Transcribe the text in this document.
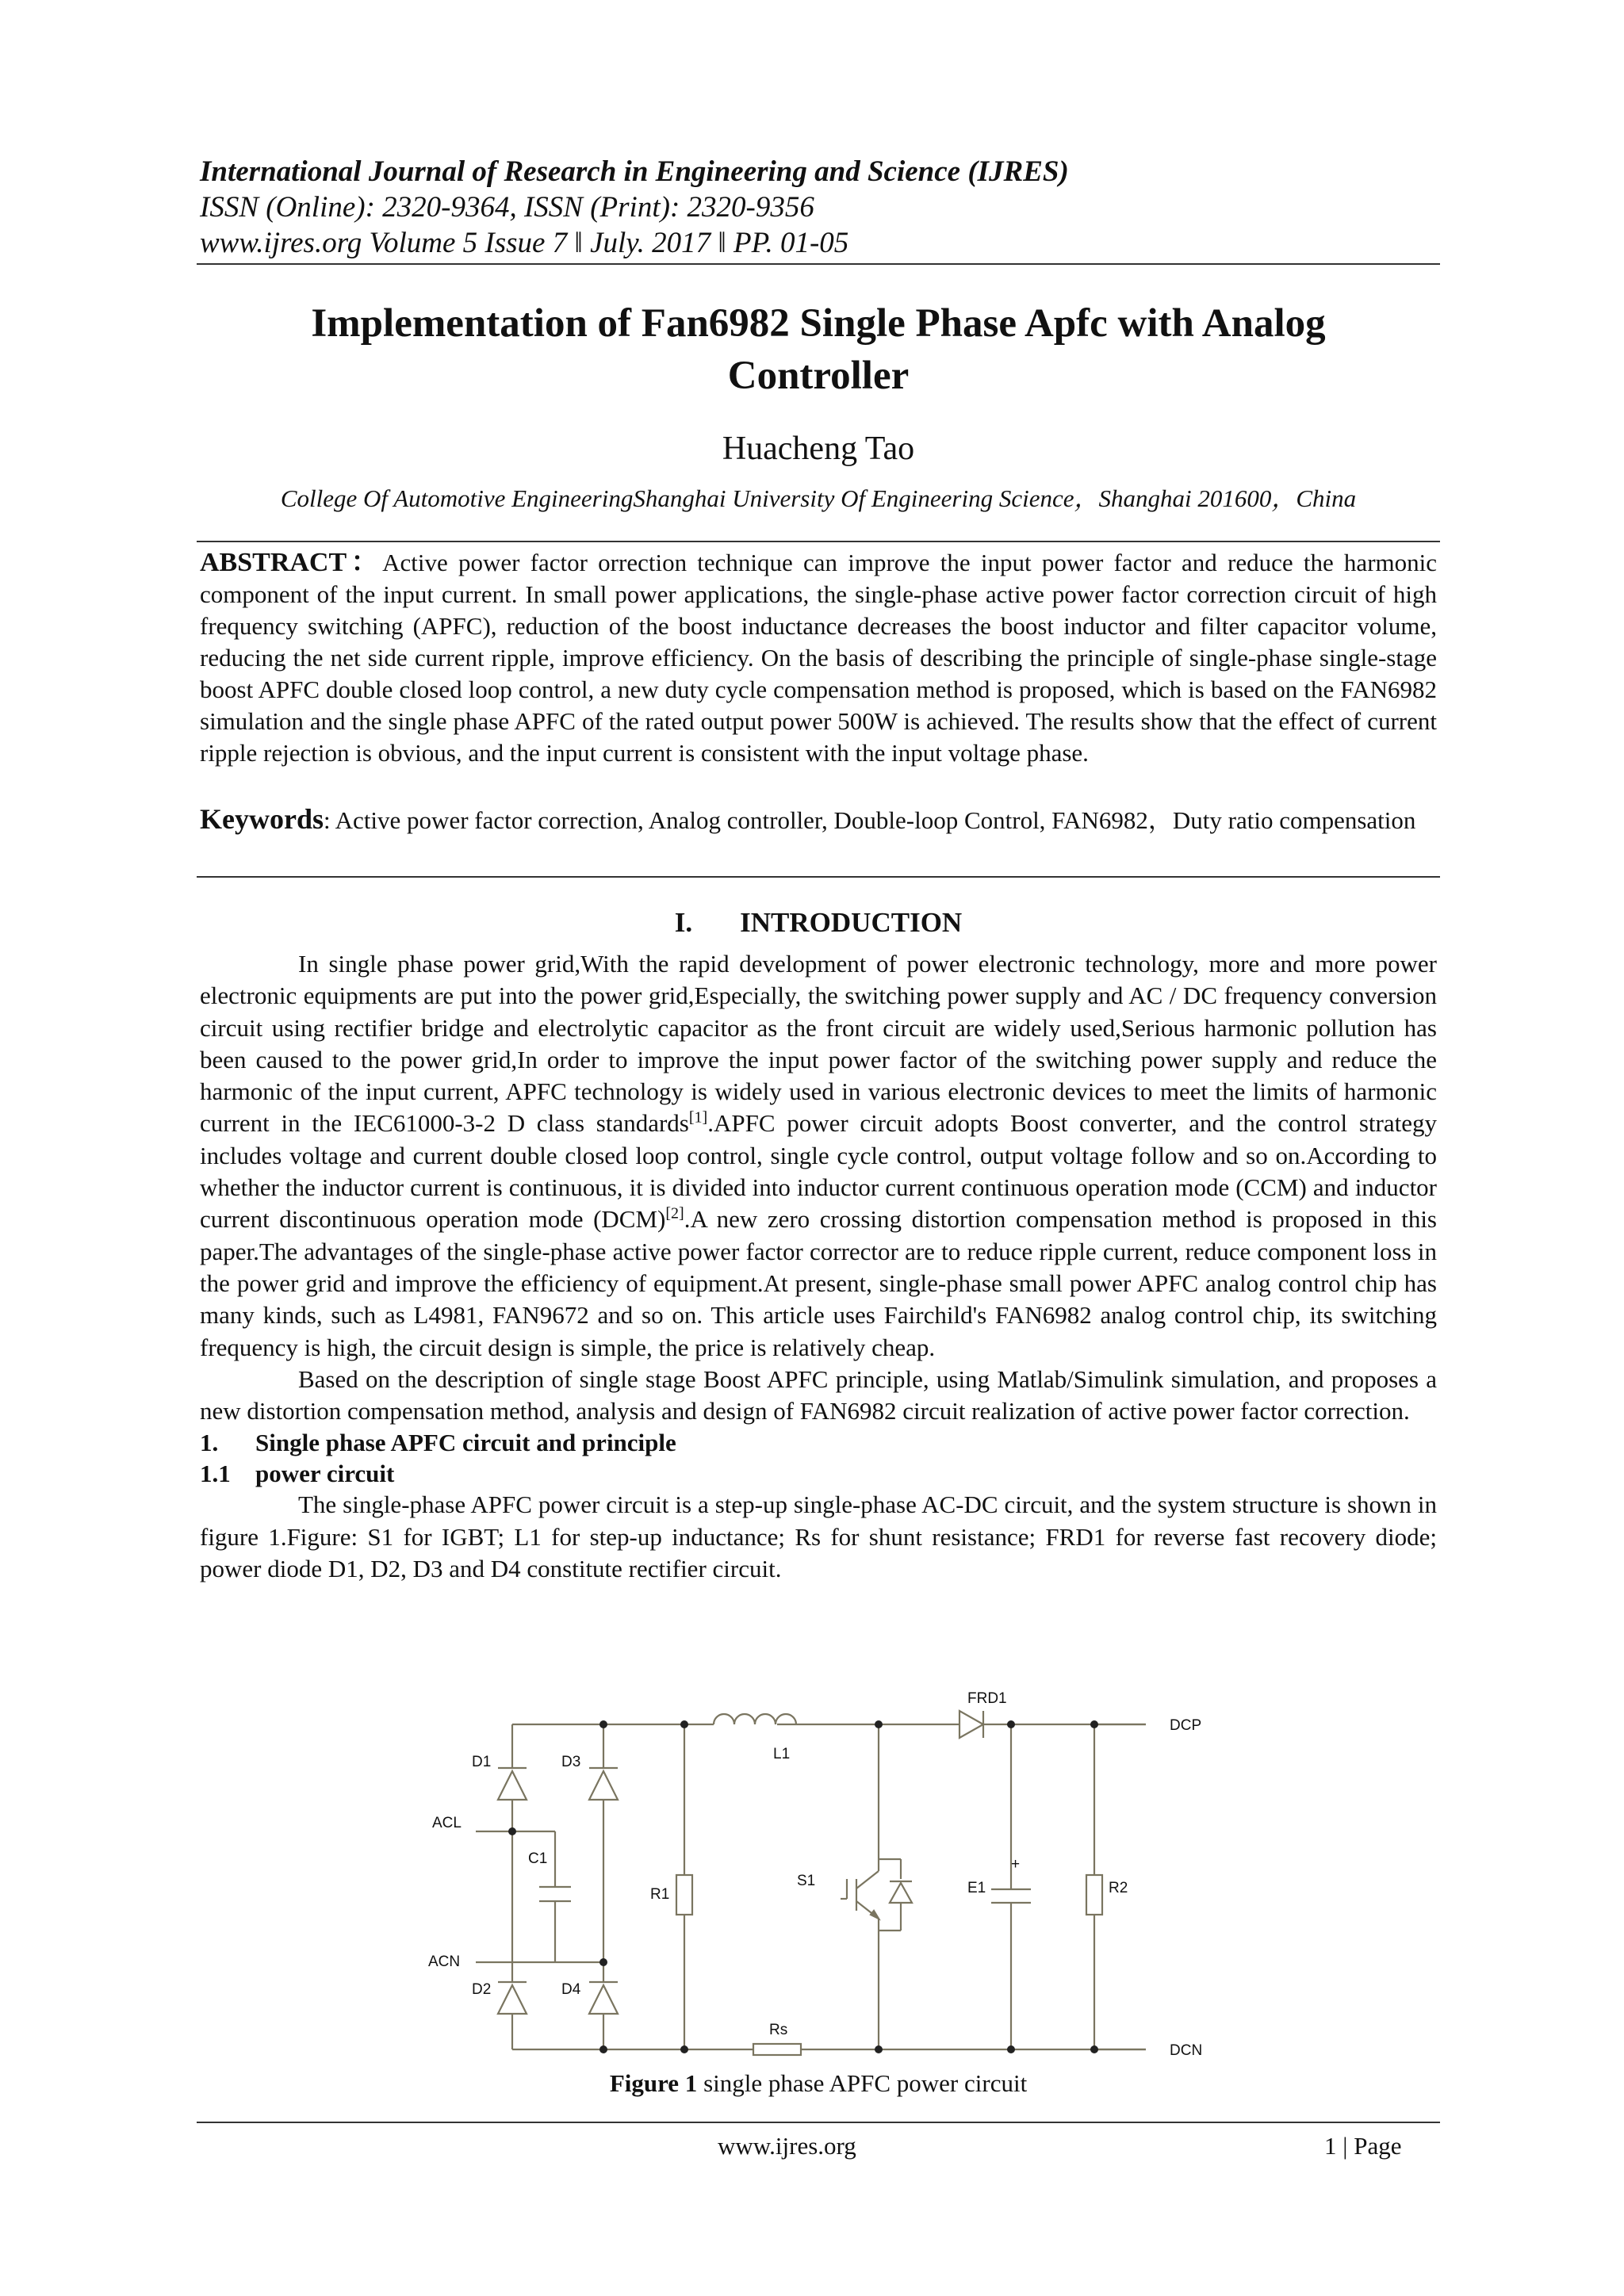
International Journal of Research in Engineering and Science (IJRES)
ISSN (Online): 2320-9364, ISSN (Print): 2320-9356
www.ijres.org Volume 5 Issue 7 ǁ July. 2017 ǁ PP. 01-05
Implementation of Fan6982 Single Phase Apfc with Analog
Controller
Huacheng Tao
College Of Automotive EngineeringShanghai University Of Engineering Science，Shanghai 201600，China
ABSTRACT：Active power factor orrection technique can improve the input power factor and reduce the harmonic component of the input current. In small power applications, the single-phase active power factor correction circuit of high frequency switching (APFC), reduction of the boost inductance decreases the boost inductor and filter capacitor volume, reducing the net side current ripple, improve efficiency. On the basis of describing the principle of single-phase single-stage boost APFC double closed loop control, a new duty cycle compensation method is proposed, which is based on the FAN6982 simulation and the single phase APFC of the rated output power 500W is achieved. The results show that the effect of current ripple rejection is obvious, and the input current is consistent with the input voltage phase.
Keywords: Active power factor correction, Analog controller, Double-loop Control, FAN6982，Duty ratio compensation
I. INTRODUCTION

In single phase power grid,With the rapid development of power electronic technology, more and more power electronic equipments are put into the power grid,Especially, the switching power supply and AC / DC frequency conversion circuit using rectifier bridge and electrolytic capacitor as the front circuit are widely used,Serious harmonic pollution has been caused to the power grid,In order to improve the input power factor of the switching power supply and reduce the harmonic of the input current, APFC technology is widely used in various electronic devices to meet the limits of harmonic current in the IEC61000-3-2 D class standards[1].APFC power circuit adopts Boost converter, and the control strategy includes voltage and current double closed loop control, single cycle control, output voltage follow and so on.According to whether the inductor current is continuous, it is divided into inductor current continuous operation mode (CCM) and inductor current discontinuous operation mode (DCM)[2].A new zero crossing distortion compensation method is proposed in this paper.The advantages of the single-phase active power factor corrector are to reduce ripple current, reduce component loss in the power grid and improve the efficiency of equipment.At present, single-phase small power APFC analog control chip has many kinds, such as L4981, FAN9672 and so on. This article uses Fairchild's FAN6982 analog control chip, its switching frequency is high, the circuit design is simple, the price is relatively cheap.

Based on the description of single stage Boost APFC principle, using Matlab/Simulink simulation, and proposes a new distortion compensation method, analysis and design of FAN6982 circuit realization of active power factor correction.

1. Single phase APFC circuit and principle
1.1 power circuit

The single-phase APFC power circuit is a step-up single-phase AC-DC circuit, and the system structure is shown in figure 1.Figure: S1 for IGBT; L1 for step-up inductance; Rs for shunt resistance; FRD1 for reverse fast recovery diode; power diode D1, D2, D3 and D4 constitute rectifier circuit.

FRD1
DCP
L1
D1	D3
ACL
C1
R1
S1
+
E1	R2
ACN
D2	D4
Rs
DCN
Figure 1 single phase APFC power circuit
www.ijres.org	1 | Page
